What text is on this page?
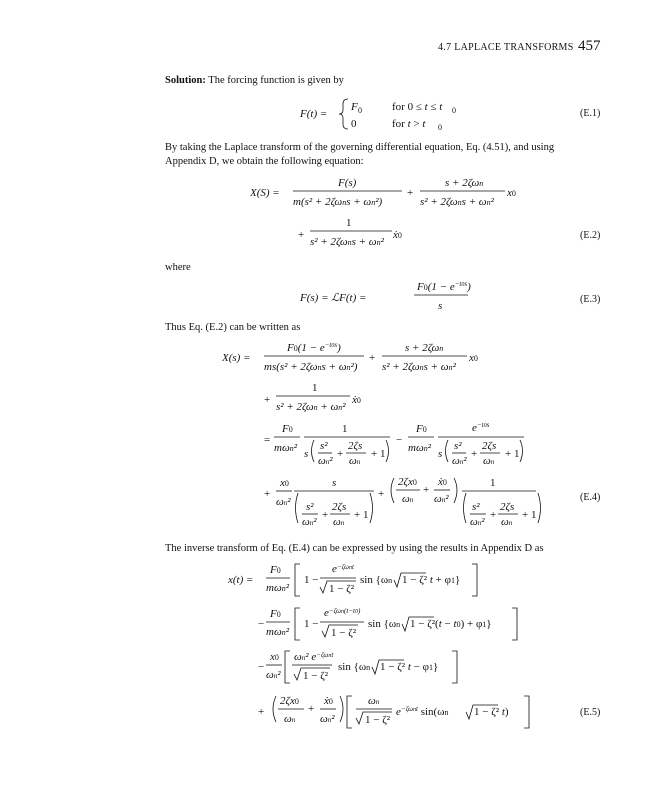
4.7 LAPLACE TRANSFORMS 457
Solution: The forcing function is given by
F(t) =
F 0
0
for 0 ≤ t ≤ t 0
for t > t 0
(E.1)
By taking the Laplace transform of the governing differential equation, Eq. (4.51), and using
Appendix D, we obtain the following equation:
X(S) =
F(s)
m(s² + 2ζωns + ωn²)
+
s + 2ζωn
s² + 2ζωns + ωn²
x0
+
1
s² + 2ζωns + ωn²
ẋ0	(E.2)
where
F(s) = ℒF(t) =
$F0(1 - e^{-t0s})$
s
(E.3)
Thus Eq. (E.2) can be written as
X(s) =
$F0(1 - e^{-t0s})$
ms(s² + 2ζωns + ωn²)
+
s + 2ζωn
s² + 2ζωns + ωn²
x0
+
1
s² + 2ζωn + ωn²
ẋ0
=
F0
mωn²
1
s
s²
ωn²
+
2ζs
ωn
+ 1
−
F0
mωn²
$e^{-t0s}$
s
s²
ωn²
+
2ζs
ωn
+ 1
+
x0
ωn² s²
ωn²
+
2ζs
ωn
+ 1
s
+
2ζx0
ωn
+
ẋ0
ωn²
1
s²
ωn²
+
2ζs
ωn
+ 1
(E.4)
The inverse transform of Eq. (E.4) can be expressed by using the results in Appendix D as
x(t) =
F0
mωn²
1 −
$e^{-\zeta\omega nt}$
1 − ζ²
sin {ωn 1 − ζ² t + φ1}
−
F0
mωn²
1 −
$e^{-\zeta\omega n(t-t0)}$
1 − ζ²
sin {ωn 1 − ζ²(t − t0) + φ1}
−
x0
ωn²
ωn² $e^{-\zeta\omega nt}$
1 − ζ²
sin {ωn 1 − ζ² t − φ1}
+
2ζx0
ωn
+
ẋ0
ωn²
ωn
1 − ζ²
$e^{-\zeta\omega nt}$ sin(ωn 1 − ζ² t)	(E.5)
